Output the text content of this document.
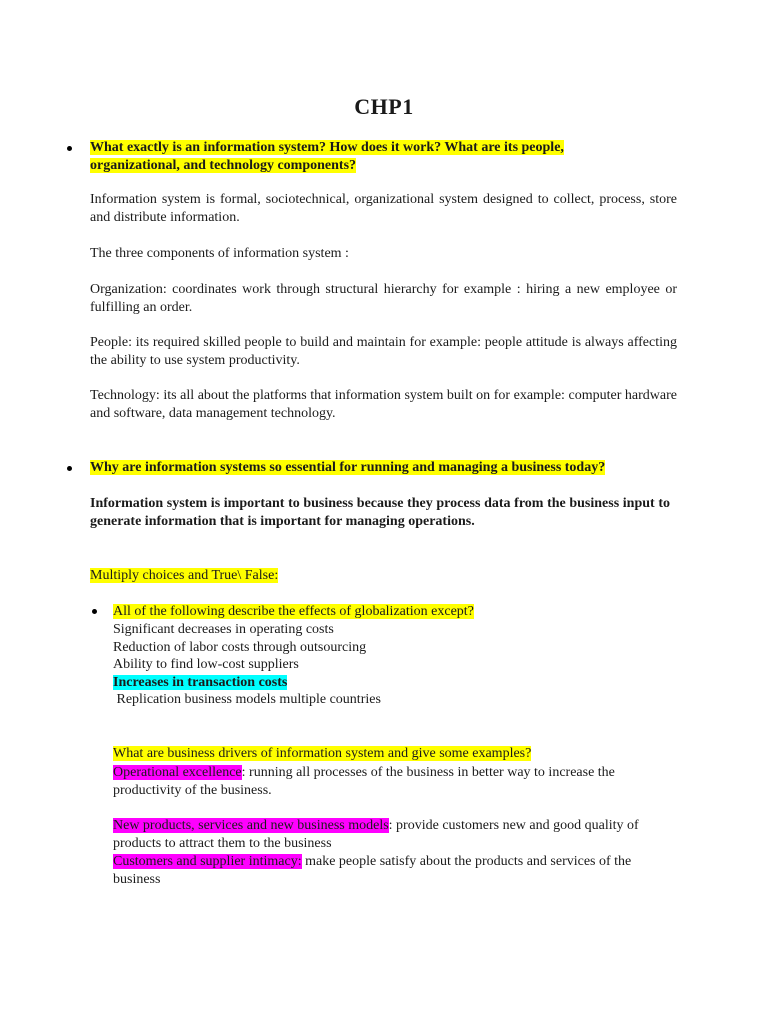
CHP1
What exactly is an information system? How does it work? What are its people,
organizational, and technology components?
Information system is formal, sociotechnical, organizational system designed to collect, process, store and distribute information.
The three components of information system :
Organization: coordinates work through structural hierarchy for example : hiring a new employee or fulfilling an order.
People: its required skilled people to build and maintain for example: people attitude is always affecting the ability to use system productivity.
Technology: its all about the platforms that information system built on for example: computer hardware and software, data management technology.
Why are information systems so essential for running and managing a business today?
Information system is important to business because they process data from the business input to generate information that is important for managing operations.
Multiply choices and True\ False:
All of the following describe the effects of globalization except?
Significant decreases in operating costs
Reduction of labor costs through outsourcing
Ability to find low-cost suppliers
Increases in transaction costs
Replication business models multiple countries
What are business drivers of information system and give some examples?
Operational excellence: running all processes of the business in better way to increase the productivity of the business.
New products, services and new business models: provide customers new and good quality of products to attract them to the business
Customers and supplier intimacy: make people satisfy about the products and services of the business
